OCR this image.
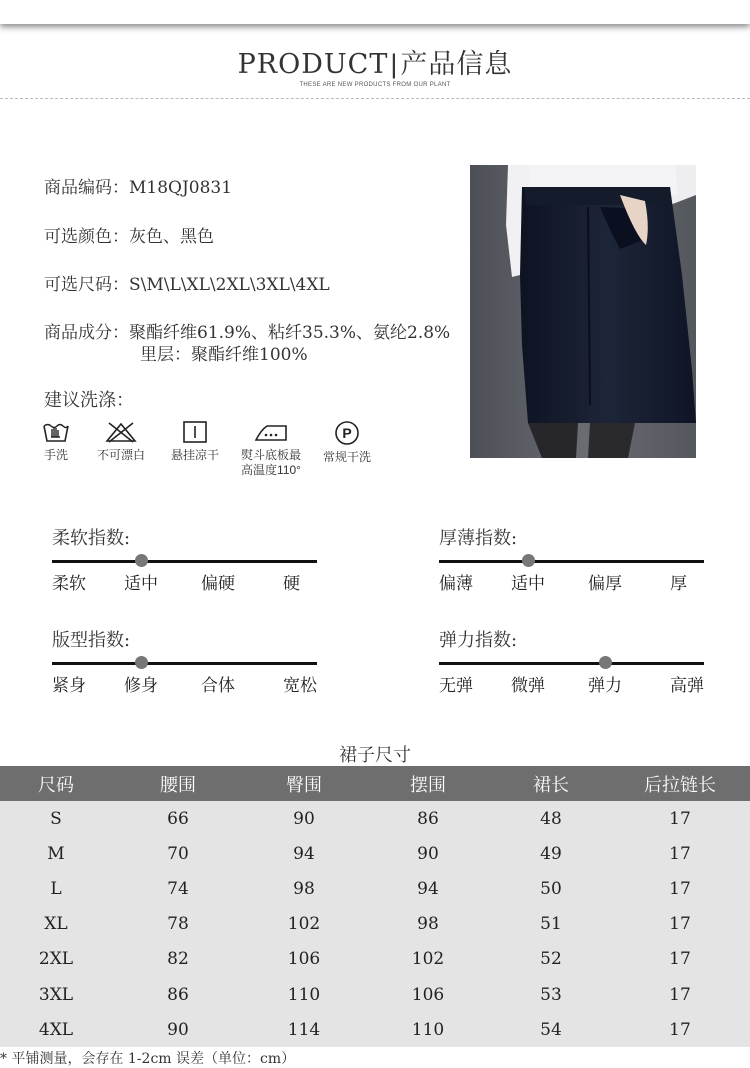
PRODUCT|产品信息
THESE ARE NEW PRODUCTS FROM OUR PLANT
商品编码：M18QJ0831
可选颜色：灰色、黑色
可选尺码：S\M\L\XL\2XL\3XL\4XL
商品成分：聚酯纤维61.9%、粘纤35.3%、氨纶2.8%
里层：聚酯纤维100%
建议洗涤：
手洗	不可漂白	悬挂凉干	熨斗底板最
高温度110°
P
常规干洗
柔软指数:
柔软 适中	偏硬	硬
厚薄指数:
偏薄 适中	偏厚	厚
版型指数:
紧身 修身	合体	宽松
弹力指数:
无弹 微弹	弹力	高弹
裙子尺寸
尺码	腰围	臀围	摆围	裙长	后拉链长
S	66	90	86	48	17
M	70	94	90	49	17
L	74	98	94	50	17
XL	78	102	98	51	17
2XL	82	106	102	52	17
3XL	86	110	106	53	17
4XL	90	114	110	54	17
* 平铺测量，会存在 1-2cm 误差（单位：cm）
